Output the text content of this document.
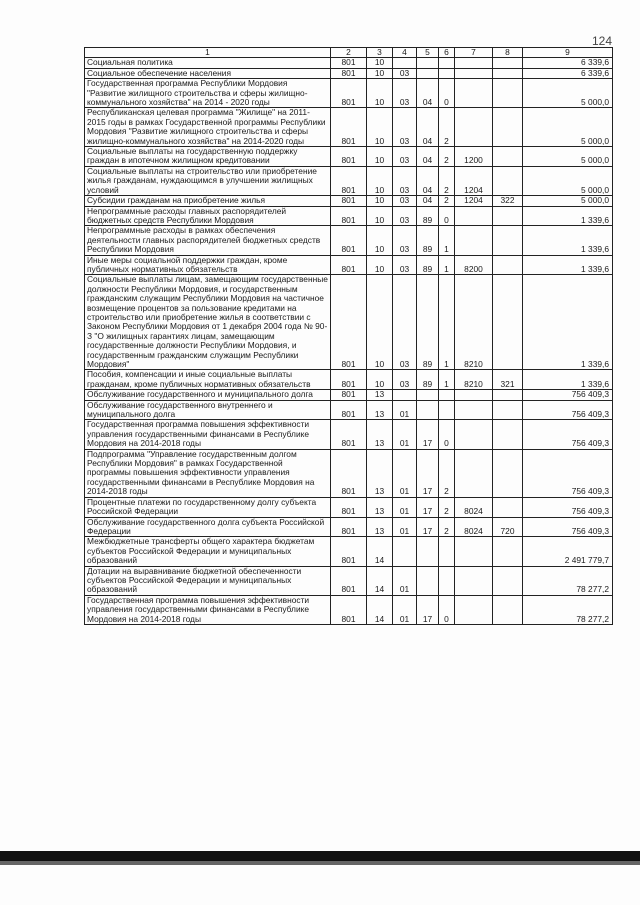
124
1	2	3	4	5	6	7	8	9
Социальная политика	801	10						6 339,6
Социальное обеспечение населения	801	10	03					6 339,6
Государственная программа Республики Мордовия "Развитие жилищного строительства и сферы жилищно-коммунального хозяйства" на 2014 - 2020 годы	801	10	03	04	0			5 000,0
Республиканская целевая программа "Жилище" на 2011-2015 годы в рамках Государственной программы Республики Мордовия "Развитие жилищного строительства и сферы жилищно-коммунального хозяйства" на 2014-2020 годы	801	10	03	04	2			5 000,0
Социальные выплаты на государственную поддержку граждан в ипотечном жилищном кредитовании	801	10	03	04	2	1200		5 000,0
Социальные выплаты на строительство или приобретение жилья гражданам, нуждающимся в улучшении жилищных условий	801	10	03	04	2	1204		5 000,0
Субсидии гражданам на приобретение жилья	801	10	03	04	2	1204	322	5 000,0
Непрограммные расходы главных распорядителей бюджетных средств Республики Мордовия	801	10	03	89	0			1 339,6
Непрограммные расходы в рамках обеспечения деятельности главных распорядителей бюджетных средств Республики Мордовия	801	10	03	89	1			1 339,6
Иные меры социальной поддержки граждан, кроме публичных нормативных обязательств	801	10	03	89	1	8200		1 339,6
Социальные выплаты лицам, замещающим государственные должности Республики Мордовия, и государственным гражданским служащим Республики Мордовия на частичное возмещение процентов за пользование кредитами на строительство или приобретение жилья в соответствии с Законом Республики Мордовия от 1 декабря 2004 года № 90-З "О жилищных гарантиях лицам, замещающим государственные должности Республики Мордовия, и государственным гражданским служащим Республики Мордовия"	801	10	03	89	1	8210		1 339,6
Пособия, компенсации и иные социальные выплаты гражданам, кроме публичных нормативных обязательств	801	10	03	89	1	8210	321	1 339,6
Обслуживание государственного и муниципального долга	801	13						756 409,3
Обслуживание государственного внутреннего и муниципального долга	801	13	01					756 409,3
Государственная программа повышения эффективности управления государственными финансами в Республике Мордовия на 2014-2018 годы	801	13	01	17	0			756 409,3
Подпрограмма "Управление государственным долгом Республики Мордовия" в рамках Государственной программы повышения эффективности управления государственными финансами в Республике Мордовия на 2014-2018 годы	801	13	01	17	2			756 409,3
Процентные платежи по государственному долгу субъекта Российской Федерации	801	13	01	17	2	8024		756 409,3
Обслуживание государственного долга субъекта Российской Федерации	801	13	01	17	2	8024	720	756 409,3
Межбюджетные трансферты общего характера бюджетам субъектов Российской Федерации и муниципальных образований	801	14						2 491 779,7
Дотации на выравнивание бюджетной обеспеченности субъектов Российской Федерации и муниципальных образований	801	14	01					78 277,2
Государственная программа повышения эффективности управления государственными финансами в Республике Мордовия на 2014-2018 годы	801	14	01	17	0			78 277,2
